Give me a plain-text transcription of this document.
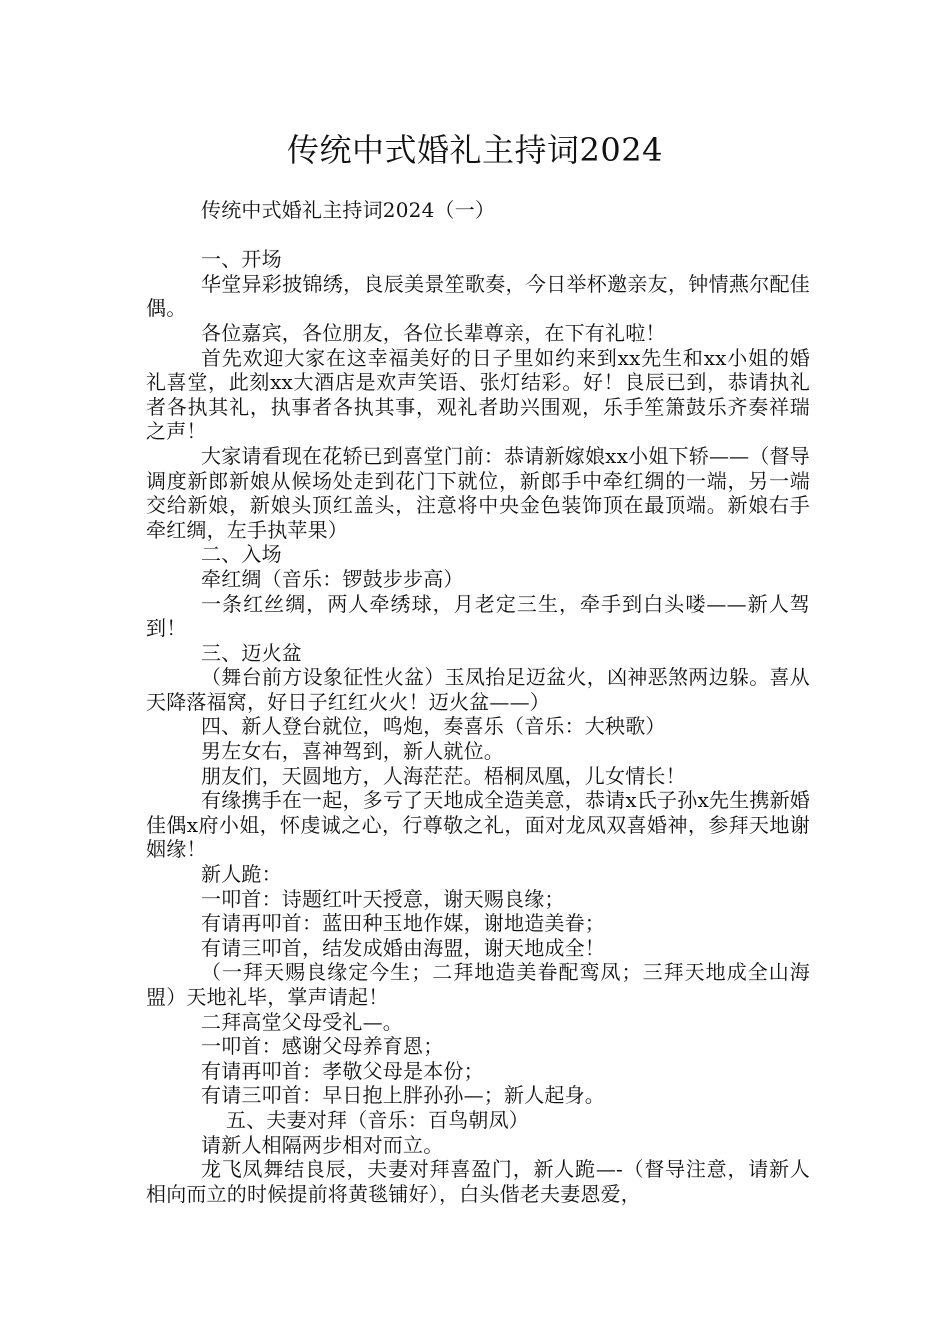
传统中式婚礼主持词2024

传统中式婚礼主持词2024（一）

一、开场

华堂异彩披锦绣，良辰美景笙歌奏，今日举杯邀亲友，钟情燕尔配佳偶。

各位嘉宾，各位朋友，各位长辈尊亲，在下有礼啦！

首先欢迎大家在这幸福美好的日子里如约来到xx先生和xx小姐的婚礼喜堂，此刻xx大酒店是欢声笑语、张灯结彩。好！良辰已到，恭请执礼者各执其礼，执事者各执其事，观礼者助兴围观，乐手笙箫鼓乐齐奏祥瑞之声！

大家请看现在花轿已到喜堂门前：恭请新嫁娘xx小姐下轿——（督导调度新郎新娘从候场处走到花门下就位，新郎手中牵红绸的一端，另一端交给新娘，新娘头顶红盖头，注意将中央金色装饰顶在最顶端。新娘右手牵红绸，左手执苹果）

二、入场

牵红绸（音乐：锣鼓步步高）

一条红丝绸，两人牵绣球，月老定三生，牵手到白头喽——新人驾到！

三、迈火盆

（舞台前方设象征性火盆）玉凤抬足迈盆火，凶神恶煞两边躲。喜从天降落福窝，好日子红红火火！迈火盆——）

四、新人登台就位，鸣炮，奏喜乐（音乐：大秧歌）

男左女右，喜神驾到，新人就位。

朋友们，天圆地方，人海茫茫。梧桐凤凰，儿女情长！

有缘携手在一起，多亏了天地成全造美意，恭请x氏子孙x先生携新婚佳偶x府小姐，怀虔诚之心，行尊敬之礼，面对龙凤双喜婚神，参拜天地谢姻缘！

新人跪：

一叩首：诗题红叶天授意，谢天赐良缘；

有请再叩首：蓝田种玉地作媒，谢地造美眷；

有请三叩首，结发成婚由海盟，谢天地成全！

（一拜天赐良缘定今生；二拜地造美眷配鸾凤；三拜天地成全山海盟）天地礼毕，掌声请起！

二拜高堂父母受礼—。

一叩首：感谢父母养育恩；

有请再叩首：孝敬父母是本份；

有请三叩首：早日抱上胖孙孙—；新人起身。

五、夫妻对拜（音乐：百鸟朝凤）

请新人相隔两步相对而立。

龙飞凤舞结良辰，夫妻对拜喜盈门，新人跪—-（督导注意，请新人相向而立的时候提前将黄毯铺好），白头偕老夫妻恩爱，
